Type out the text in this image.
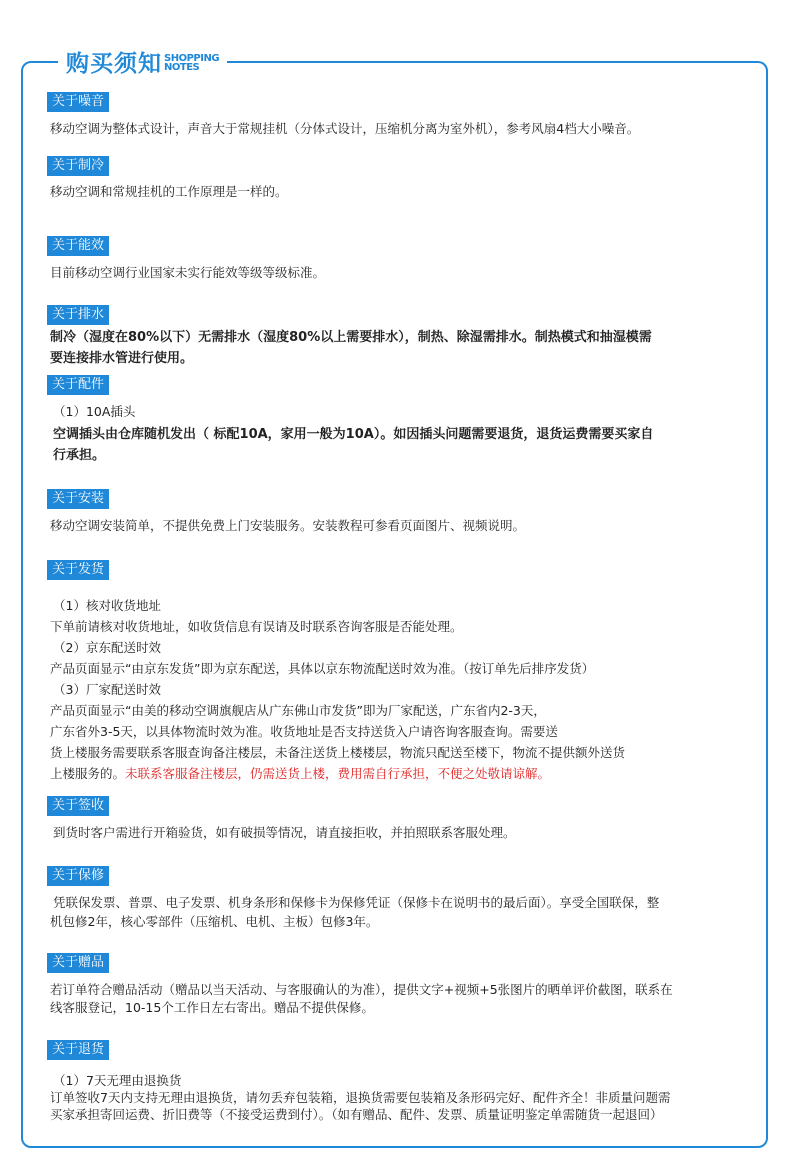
购买须知 SHOPPING
NOTES
关于噪音
移动空调为整体式设计，声音大于常规挂机（分体式设计，压缩机分离为室外机），参考风扇4档大小噪音。
关于制冷
移动空调和常规挂机的工作原理是一样的。
关于能效
目前移动空调行业国家未实行能效等级等级标准。
关于排水
制冷（湿度在80%以下）无需排水（湿度80%以上需要排水），制热、除湿需排水。制热模式和抽湿模需
要连接排水管进行使用。
关于配件
（1）10A插头
空调插头由仓库随机发出（ 标配10A，家用一般为10A）。如因插头问题需要退货，退货运费需要买家自
行承担。
关于安装
移动空调安装简单，不提供免费上门安装服务。安装教程可参看页面图片、视频说明。
关于发货
（1）核对收货地址
下单前请核对收货地址，如收货信息有误请及时联系咨询客服是否能处理。
（2）京东配送时效
产品页面显示“由京东发货”即为京东配送，具体以京东物流配送时效为准。（按订单先后排序发货）
（3）厂家配送时效
产品页面显示“由美的移动空调旗舰店从广东佛山市发货”即为厂家配送，广东省内2-3天，
广东省外3-5天，以具体物流时效为准。收货地址是否支持送货入户请咨询客服查询。需要送
货上楼服务需要联系客服查询备注楼层，未备注送货上楼楼层，物流只配送至楼下，物流不提供额外送货
上楼服务的。未联系客服备注楼层，仍需送货上楼，费用需自行承担，不便之处敬请谅解。
关于签收
到货时客户需进行开箱验货，如有破损等情况，请直接拒收，并拍照联系客服处理。
关于保修
凭联保发票、普票、电子发票、机身条形和保修卡为保修凭证（保修卡在说明书的最后面）。享受全国联保，整
机包修2年，核心零部件（压缩机、电机、主板）包修3年。
关于赠品
若订单符合赠品活动（赠品以当天活动、与客服确认的为准），提供文字+视频+5张图片的晒单评价截图，联系在
线客服登记，10-15个工作日左右寄出。赠品不提供保修。
关于退货
（1）7天无理由退换货
订单签收7天内支持无理由退换货，请勿丢弃包装箱，退换货需要包装箱及条形码完好、配件齐全！非质量问题需
买家承担寄回运费、折旧费等（不接受运费到付）。（如有赠品、配件、发票、质量证明鉴定单需随货一起退回）
